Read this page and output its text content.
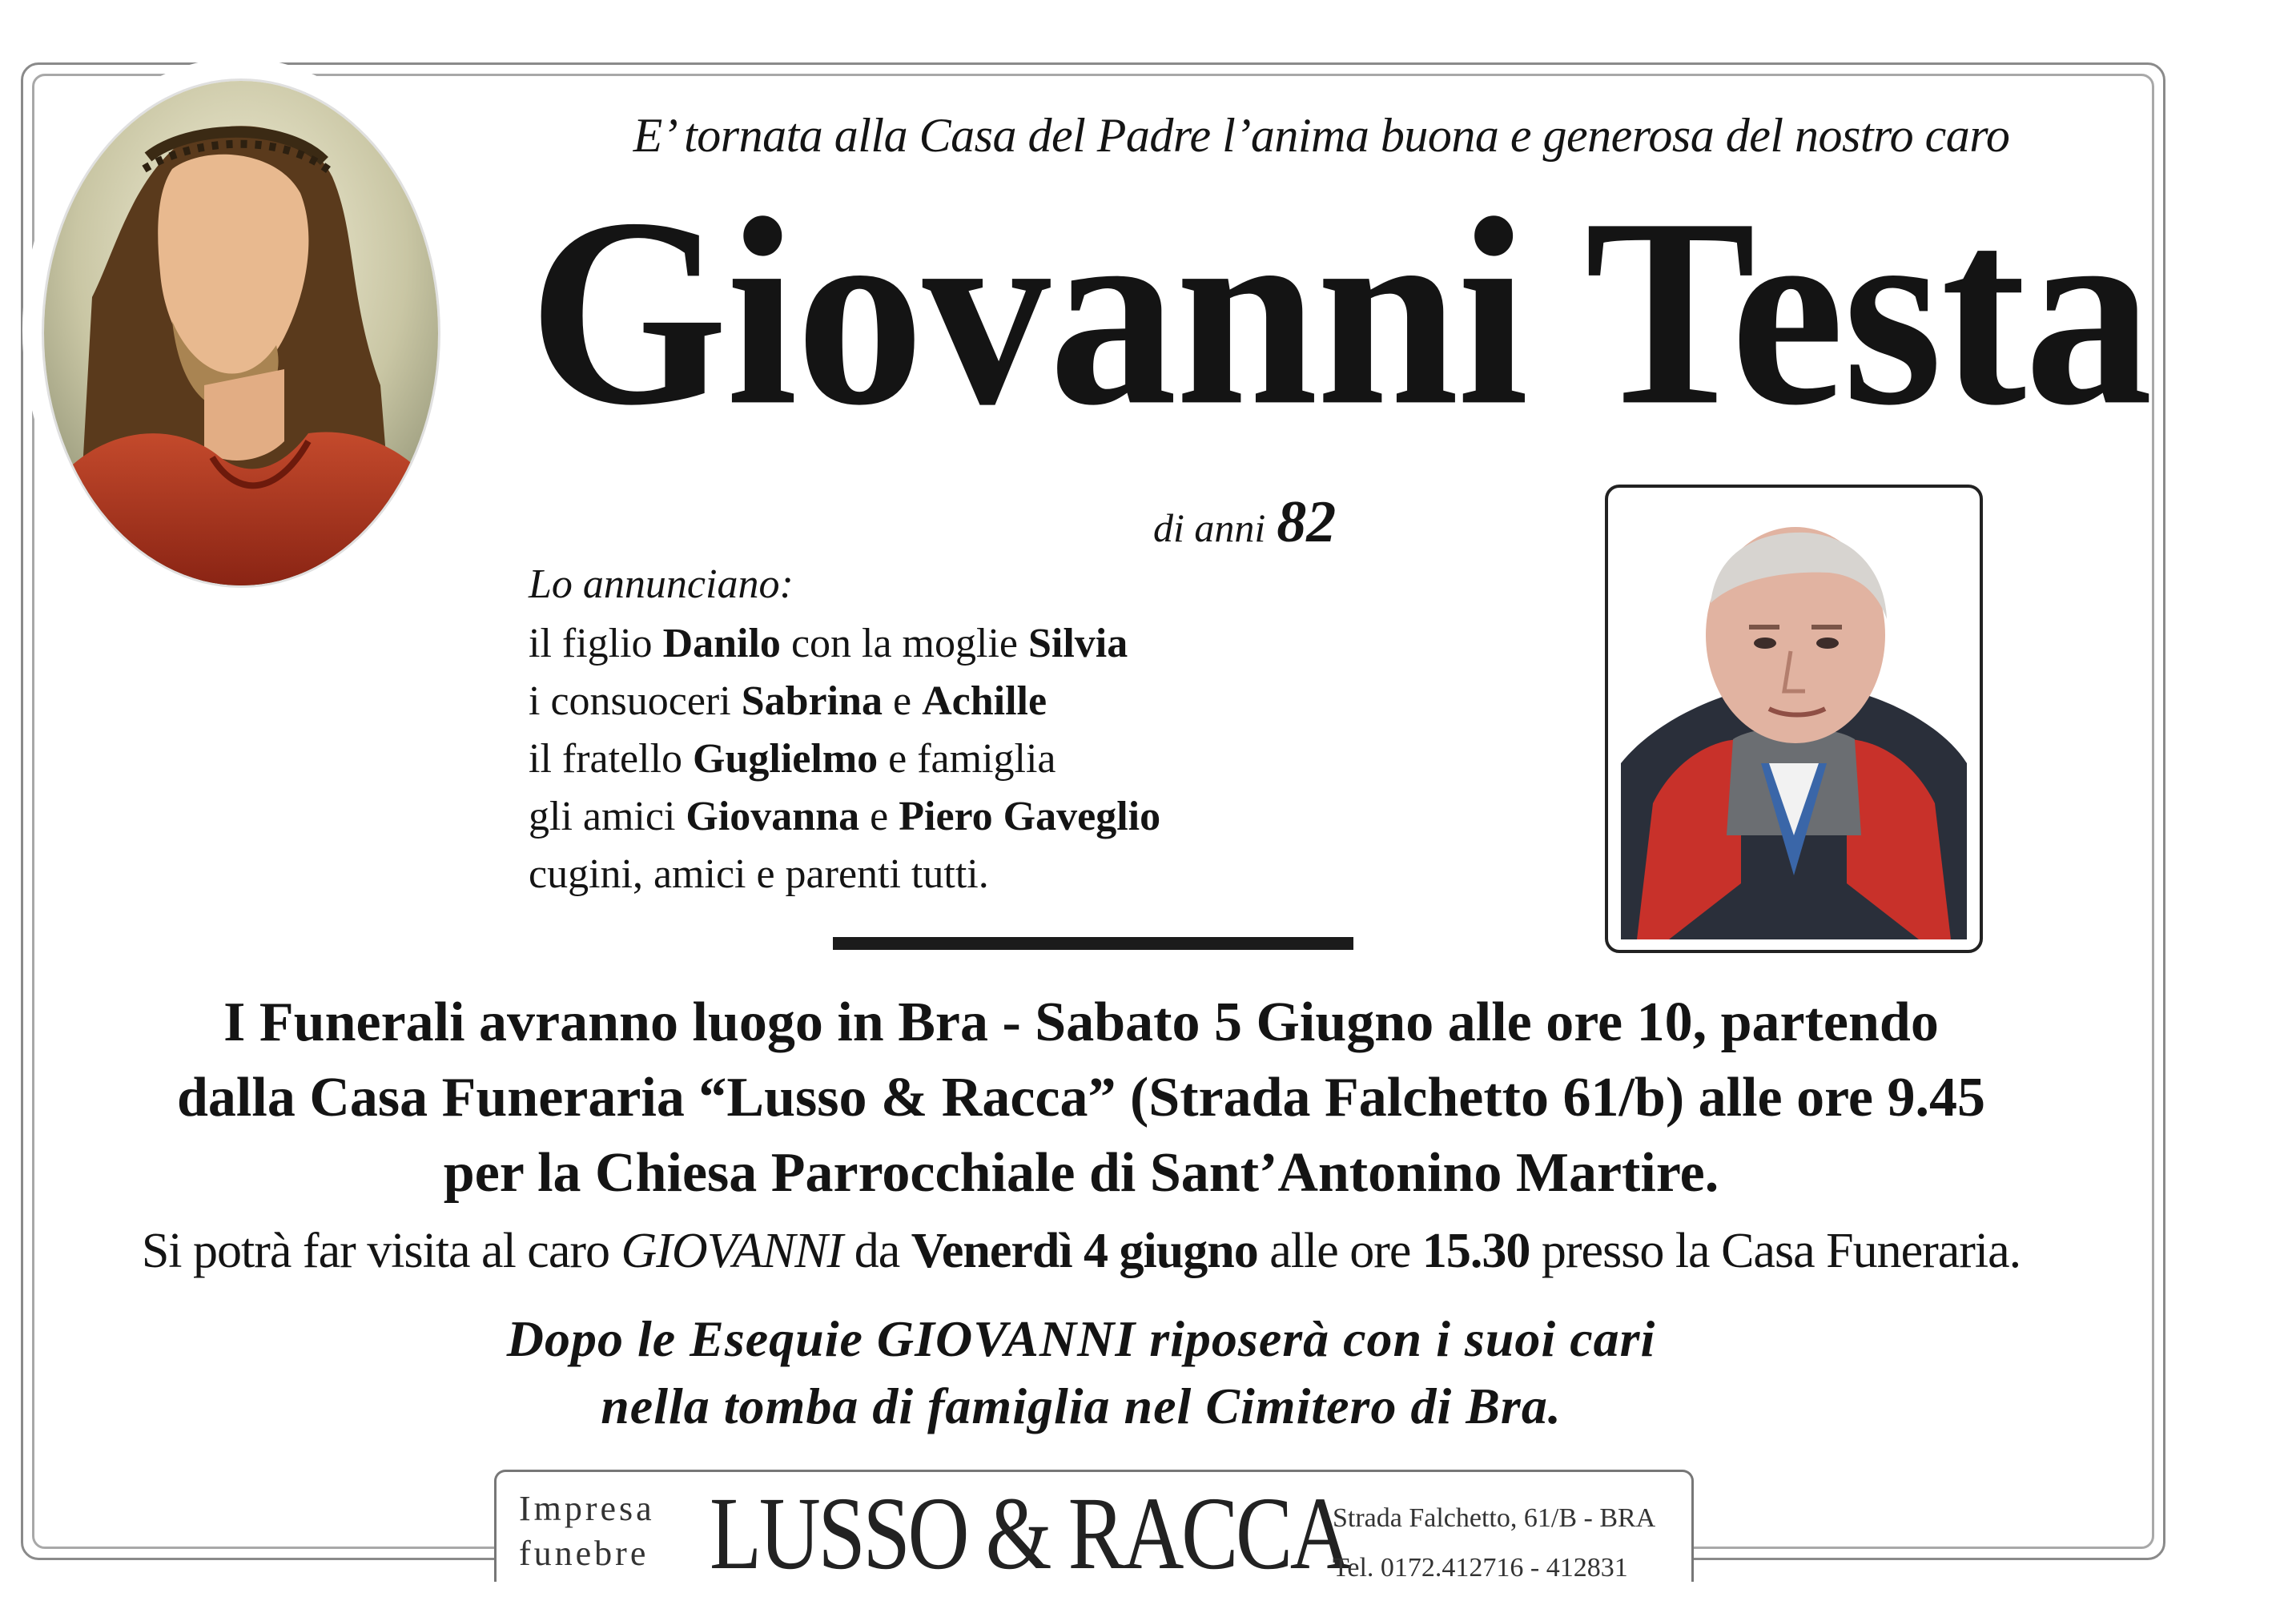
E’ tornata alla Casa del Padre l’anima buona e generosa del nostro caro
Giovanni Testa
di anni 82
Lo annunciano:
il figlio Danilo con la moglie Silvia
i consuoceri Sabrina e Achille
il fratello Guglielmo e famiglia
gli amici Giovanna e Piero Gaveglio
cugini, amici e parenti tutti.
I Funerali avranno luogo in Bra - Sabato 5 Giugno alle ore 10, partendo
dalla Casa Funeraria “Lusso & Racca” (Strada Falchetto 61/b) alle ore 9.45
per la Chiesa Parrocchiale di Sant’Antonino Martire.
Si potrà far visita al caro GIOVANNI da Venerdì 4 giugno alle ore 15.30 presso la Casa Funeraria.
Dopo le Esequie GIOVANNI riposerà con i suoi cari
nella tomba di famiglia nel Cimitero di Bra.
Impresa
funebre LUSSO & RACCA
Strada Falchetto, 61/B - BRA
Tel. 0172.412716 - 412831
